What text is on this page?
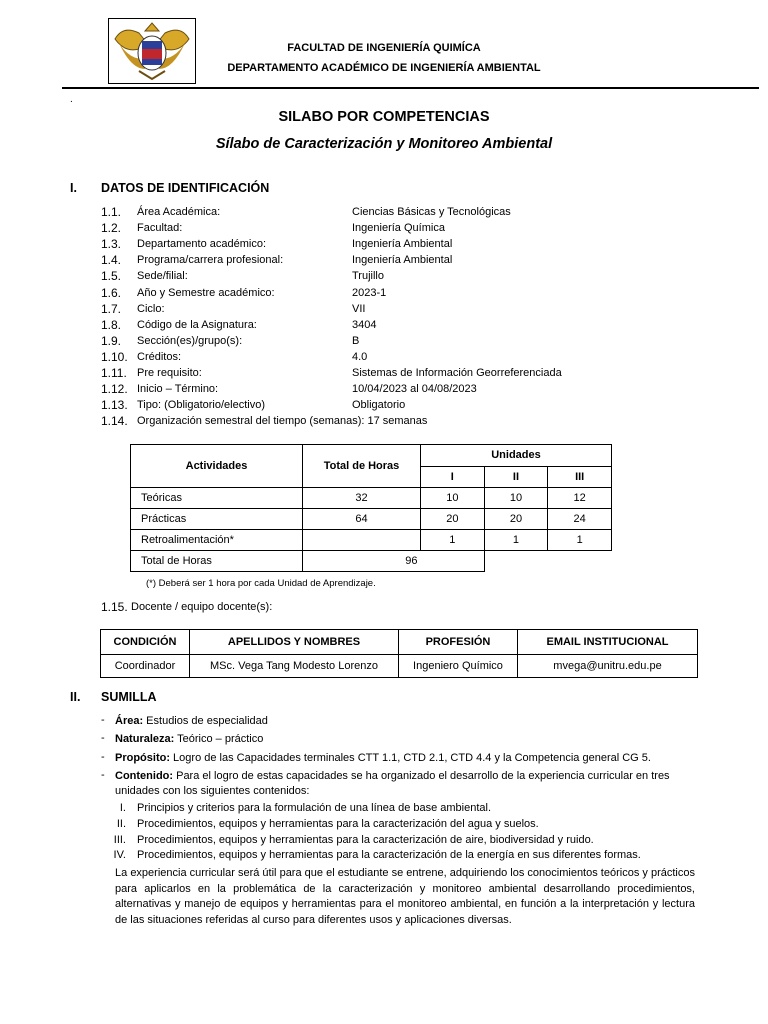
FACULTAD DE INGENIERÍA QUIMÍCA
DEPARTAMENTO ACADÉMICO DE INGENIERÍA AMBIENTAL
.
SILABO POR COMPETENCIAS
Sílabo de Caracterización y Monitoreo Ambiental
I. DATOS DE IDENTIFICACIÓN
1.1.	Área Académica:	Ciencias Básicas y Tecnológicas
1.2.	Facultad:	Ingeniería Química
1.3.	Departamento académico:	Ingeniería Ambiental
1.4.	Programa/carrera profesional:	Ingeniería Ambiental
1.5.	Sede/filial:	Trujillo
1.6.	Año y Semestre académico:	2023-1
1.7.	Ciclo:	VII
1.8.	Código de la Asignatura:	3404
1.9.	Sección(es)/grupo(s):	B
1.10. Créditos:	4.0
1.11. Pre requisito:	Sistemas de Información Georreferenciada
1.12. Inicio – Término:	10/04/2023 al 04/08/2023
1.13. Tipo: (Obligatorio/electivo)	Obligatorio
1.14. Organización semestral del tiempo (semanas): 17 semanas
Actividades	Total de Horas	Unidades		
		I	II	III
Teóricas	32	10	10	12
Prácticas	64	20	20	24
Retroalimentación*		1	1	1
Total de Horas	96			
(*) Deberá ser 1 hora por cada Unidad de Aprendizaje.
1.15. Docente / equipo docente(s):
CONDICIÓN	APELLIDOS Y NOMBRES	PROFESIÓN	EMAIL INSTITUCIONAL
Coordinador	MSc. Vega Tang Modesto Lorenzo	Ingeniero Químico	mvega@unitru.edu.pe
II. SUMILLA
- Área: Estudios de especialidad
- Naturaleza: Teórico – práctico
- Propósito: Logro de las Capacidades terminales CTT 1.1, CTD 2.1, CTD 4.4 y la Competencia general CG 5.
- Contenido: Para el logro de estas capacidades se ha organizado el desarrollo de la experiencia curricular en tres unidades con los siguientes contenidos:
I. Principios y criterios para la formulación de una línea de base ambiental.
II. Procedimientos, equipos y herramientas para la caracterización del agua y suelos.
III. Procedimientos, equipos y herramientas para la caracterización de aire, biodiversidad y ruido.
IV. Procedimientos, equipos y herramientas para la caracterización de la energía en sus diferentes formas.
La experiencia curricular será útil para que el estudiante se entrene, adquiriendo los conocimientos teóricos y prácticos para aplicarlos en la problemática de la caracterización y monitoreo ambiental desarrollando procedimientos, alternativas y manejo de equipos y herramientas para el monitoreo ambiental, en función a la interpretación y lectura de las situaciones referidas al curso para diferentes usos y aplicaciones diversas.
